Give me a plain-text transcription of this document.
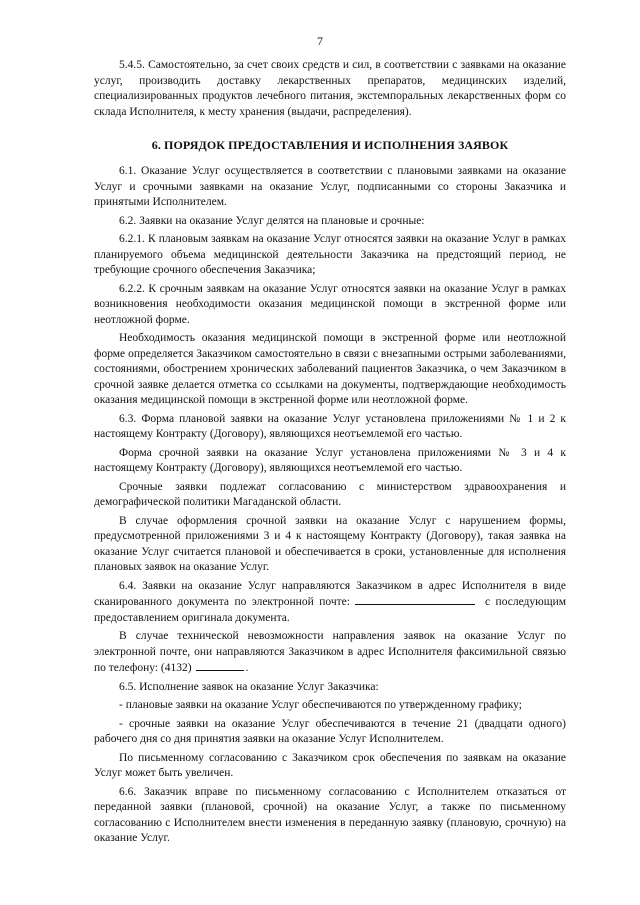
7

5.4.5. Самостоятельно, за счет своих средств и сил, в соответствии с заявками на оказание услуг, производить доставку лекарственных препаратов, медицинских изделий, специализированных продуктов лечебного питания, экстемпоральных лекарственных форм со склада Исполнителя, к месту хранения (выдачи, распределения).

6. ПОРЯДОК ПРЕДОСТАВЛЕНИЯ И ИСПОЛНЕНИЯ ЗАЯВОК

6.1. Оказание Услуг осуществляется в соответствии с плановыми заявками на оказание Услуг и срочными заявками на оказание Услуг, подписанными со стороны Заказчика и принятыми Исполнителем.

6.2. Заявки на оказание Услуг делятся на плановые и срочные:

6.2.1. К плановым заявкам на оказание Услуг относятся заявки на оказание Услуг в рамках планируемого объема медицинской деятельности Заказчика на предстоящий период, не требующие срочного обеспечения Заказчика;

6.2.2. К срочным заявкам на оказание Услуг относятся заявки на оказание Услуг в рамках возникновения необходимости оказания медицинской помощи в экстренной форме или неотложной форме.

Необходимость оказания медицинской помощи в экстренной форме или неотложной форме определяется Заказчиком самостоятельно в связи с внезапными острыми заболеваниями, состояниями, обострением хронических заболеваний пациентов Заказчика, о чем Заказчиком в срочной заявке делается отметка со ссылками на документы, подтверждающие необходимость оказания медицинской помощи в экстренной форме или неотложной форме.

6.3. Форма плановой заявки на оказание Услуг установлена приложениями № 1 и 2 к настоящему Контракту (Договору), являющихся неотъемлемой его частью.

Форма срочной заявки на оказание Услуг установлена приложениями № 3 и 4 к настоящему Контракту (Договору), являющихся неотъемлемой его частью.

Срочные заявки подлежат согласованию с министерством здравоохранения и демографической политики Магаданской области.

В случае оформления срочной заявки на оказание Услуг с нарушением формы, предусмотренной приложениями 3 и 4 к настоящему Контракту (Договору), такая заявка на оказание Услуг считается плановой и обеспечивается в сроки, установленные для исполнения плановых заявок на оказание Услуг.

6.4. Заявки на оказание Услуг направляются Заказчиком в адрес Исполнителя в виде сканированного документа по электронной почте:	с последующим предоставлением оригинала документа.

В случае технической невозможности направления заявок на оказание Услуг по электронной почте, они направляются Заказчиком в адрес Исполнителя факсимильной связью по телефону: (4132)	.

6.5. Исполнение заявок на оказание Услуг Заказчика:

- плановые заявки на оказание Услуг обеспечиваются по утвержденному графику;

- срочные заявки на оказание Услуг обеспечиваются в течение 21 (двадцати одного) рабочего дня со дня принятия заявки на оказание Услуг Исполнителем.

По письменному согласованию с Заказчиком срок обеспечения по заявкам на оказание Услуг может быть увеличен.

6.6. Заказчик вправе по письменному согласованию с Исполнителем отказаться от переданной заявки (плановой, срочной) на оказание Услуг, а также по письменному согласованию с Исполнителем внести изменения в переданную заявку (плановую, срочную) на оказание Услуг.
